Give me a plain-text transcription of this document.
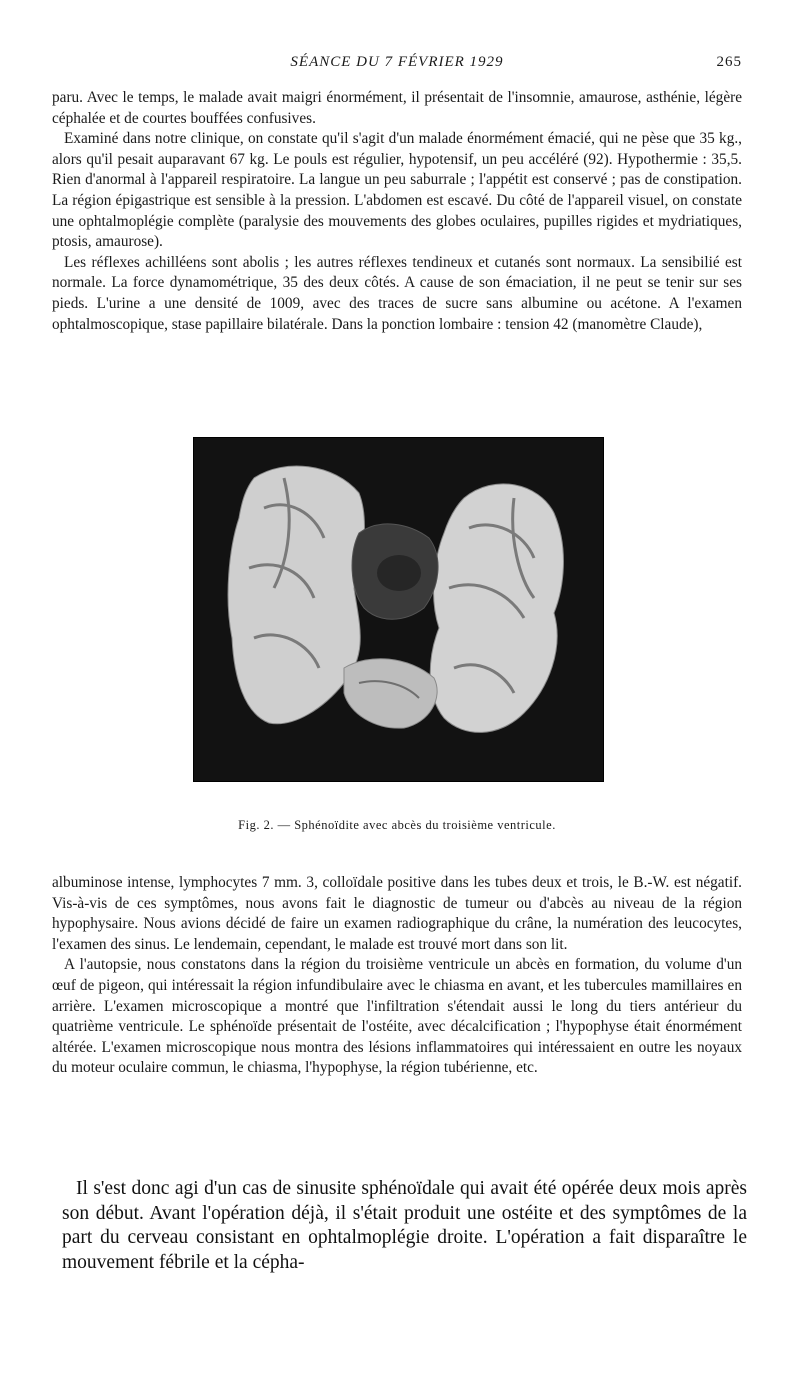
SÉANCE DU 7 FÉVRIER 1929	265

paru. Avec le temps, le malade avait maigri énormément, il présentait de l'insomnie, amaurose, asthénie, légère céphalée et de courtes bouffées confusives.

Examiné dans notre clinique, on constate qu'il s'agit d'un malade énormément émacié, qui ne pèse que 35 kg., alors qu'il pesait auparavant 67 kg. Le pouls est régulier, hypotensif, un peu accéléré (92). Hypothermie : 35,5. Rien d'anormal à l'appareil respiratoire. La langue un peu saburrale ; l'appétit est conservé ; pas de constipation. La région épigastrique est sensible à la pression. L'abdomen est escavé. Du côté de l'appareil visuel, on constate une ophtalmoplégie complète (paralysie des mouvements des globes oculaires, pupilles rigides et mydriatiques, ptosis, amaurose).

Les réflexes achilléens sont abolis ; les autres réflexes tendineux et cutanés sont normaux. La sensibilié est normale. La force dynamométrique, 35 des deux côtés. A cause de son émaciation, il ne peut se tenir sur ses pieds. L'urine a une densité de 1009, avec des traces de sucre sans albumine ou acétone. A l'examen ophtalmoscopique, stase papillaire bilatérale. Dans la ponction lombaire : tension 42 (manomètre Claude),

Fig. 2. — Sphénoïdite avec abcès du troisième ventricule.

albuminose intense, lymphocytes 7 mm. 3, colloïdale positive dans les tubes deux et trois, le B.-W. est négatif. Vis-à-vis de ces symptômes, nous avons fait le diagnostic de tumeur ou d'abcès au niveau de la région hypophysaire. Nous avions décidé de faire un examen radiographique du crâne, la numération des leucocytes, l'examen des sinus. Le lendemain, cependant, le malade est trouvé mort dans son lit.

A l'autopsie, nous constatons dans la région du troisième ventricule un abcès en formation, du volume d'un œuf de pigeon, qui intéressait la région infundibulaire avec le chiasma en avant, et les tubercules mamillaires en arrière. L'examen microscopique a montré que l'infiltration s'étendait aussi le long du tiers antérieur du quatrième ventricule. Le sphénoïde présentait de l'ostéite, avec décalcification ; l'hypophyse était énormément altérée. L'examen microscopique nous montra des lésions inflammatoires qui intéressaient en outre les noyaux du moteur oculaire commun, le chiasma, l'hypophyse, la région tubérienne, etc.

Il s'est donc agi d'un cas de sinusite sphénoïdale qui avait été opérée deux mois après son début. Avant l'opération déjà, il s'était produit une ostéite et des symptômes de la part du cerveau consistant en ophtalmoplégie droite. L'opération a fait disparaître le mouvement fébrile et la cépha-
